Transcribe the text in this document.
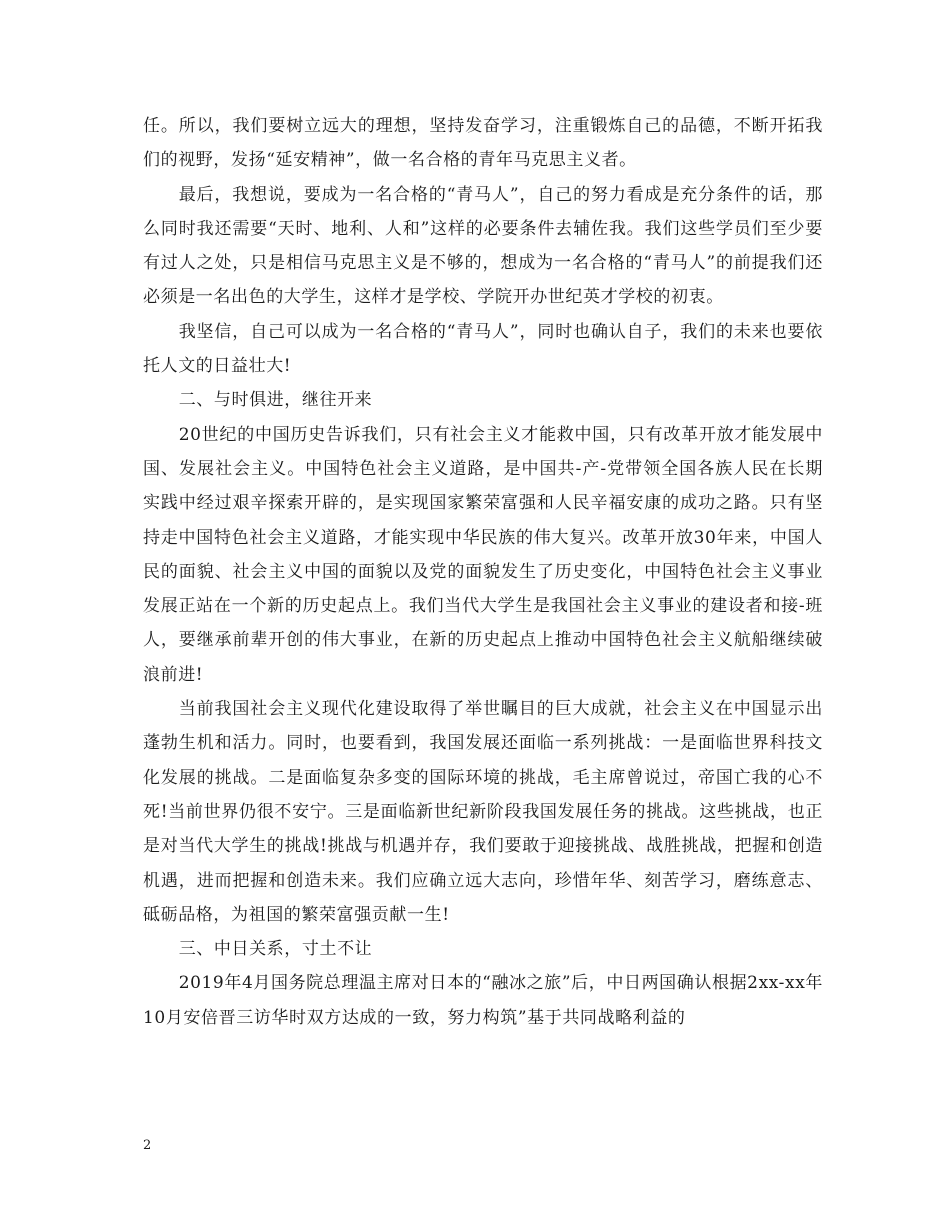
任。所以，我们要树立远大的理想，坚持发奋学习，注重锻炼自己的品德，不断开拓我们的视野，发扬“延安精神”，做一名合格的青年马克思主义者。

最后，我想说，要成为一名合格的“青马人”，自己的努力看成是充分条件的话，那么同时我还需要“天时、地利、人和”这样的必要条件去辅佐我。我们这些学员们至少要有过人之处，只是相信马克思主义是不够的，想成为一名合格的“青马人”的前提我们还必须是一名出色的大学生，这样才是学校、学院开办世纪英才学校的初衷。

我坚信，自己可以成为一名合格的“青马人”，同时也确认自子，我们的未来也要依托人文的日益壮大!

二、与时俱进，继往开来

20世纪的中国历史告诉我们，只有社会主义才能救中国，只有改革开放才能发展中国、发展社会主义。中国特色社会主义道路，是中国共-产-党带领全国各族人民在长期实践中经过艰辛探索开辟的，是实现国家繁荣富强和人民辛福安康的成功之路。只有坚持走中国特色社会主义道路，才能实现中华民族的伟大复兴。改革开放30年来，中国人民的面貌、社会主义中国的面貌以及党的面貌发生了历史变化，中国特色社会主义事业发展正站在一个新的历史起点上。我们当代大学生是我国社会主义事业的建设者和接-班人，要继承前辈开创的伟大事业，在新的历史起点上推动中国特色社会主义航船继续破浪前进!

当前我国社会主义现代化建设取得了举世瞩目的巨大成就，社会主义在中国显示出蓬勃生机和活力。同时，也要看到，我国发展还面临一系列挑战：一是面临世界科技文化发展的挑战。二是面临复杂多变的国际环境的挑战，毛主席曾说过，帝国亡我的心不死!当前世界仍很不安宁。三是面临新世纪新阶段我国发展任务的挑战。这些挑战，也正是对当代大学生的挑战!挑战与机遇并存，我们要敢于迎接挑战、战胜挑战，把握和创造机遇，进而把握和创造未来。我们应确立远大志向，珍惜年华、刻苦学习，磨练意志、砥砺品格，为祖国的繁荣富强贡献一生!

三、中日关系，寸土不让

2019年4月国务院总理温主席对日本的“融冰之旅”后，中日两国确认根据2xx-xx年10月安倍晋三访华时双方达成的一致，努力构筑”基于共同战略利益的

2
